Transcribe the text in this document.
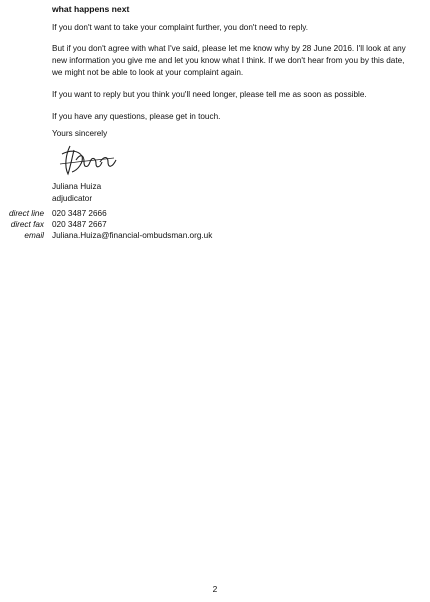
what happens next

If you don't want to take your complaint further, you don't need to reply.

But if you don't agree with what I've said, please let me know why by 28 June 2016. I'll look at any new information you give me and let you know what I think. If we don't hear from you by this date, we might not be able to look at your complaint again.

If you want to reply but you think you'll need longer, please tell me as soon as possible.

If you have any questions, please get in touch.

Yours sincerely
Juliana Huiza
adjudicator
direct line 020 3487 2666
direct fax 020 3487 2667
email Juliana.Huiza@financial-ombudsman.org.uk
2
